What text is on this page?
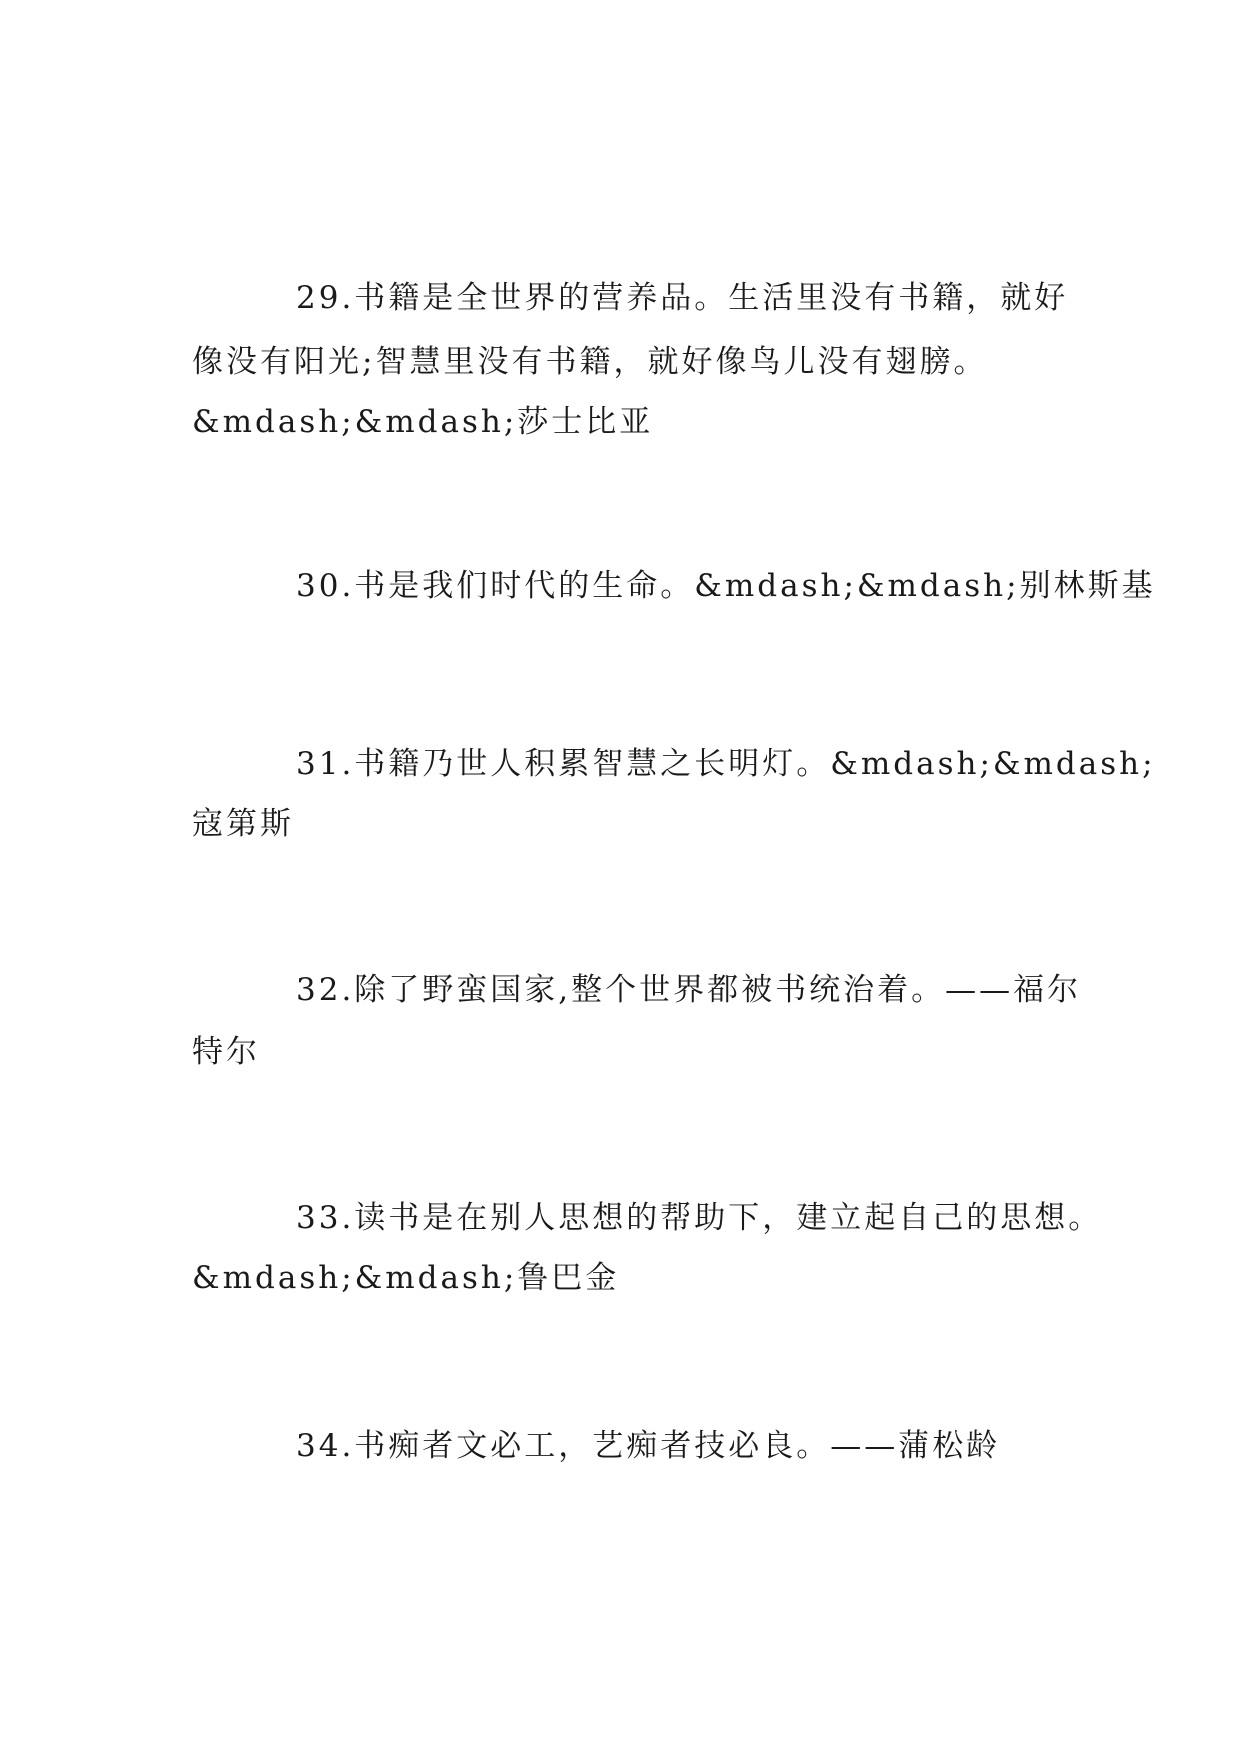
29.书籍是全世界的营养品。生活里没有书籍，就好

像没有阳光;智慧里没有书籍，就好像鸟儿没有翅膀。

&mdash;&mdash;莎士比亚

30.书是我们时代的生命。&mdash;&mdash;别林斯基

31.书籍乃世人积累智慧之长明灯。&mdash;&mdash;

寇第斯

32.除了野蛮国家,整个世界都被书统治着。——福尔

特尔

33.读书是在别人思想的帮助下，建立起自己的思想。

&mdash;&mdash;鲁巴金

34.书痴者文必工，艺痴者技必良。——蒲松龄
